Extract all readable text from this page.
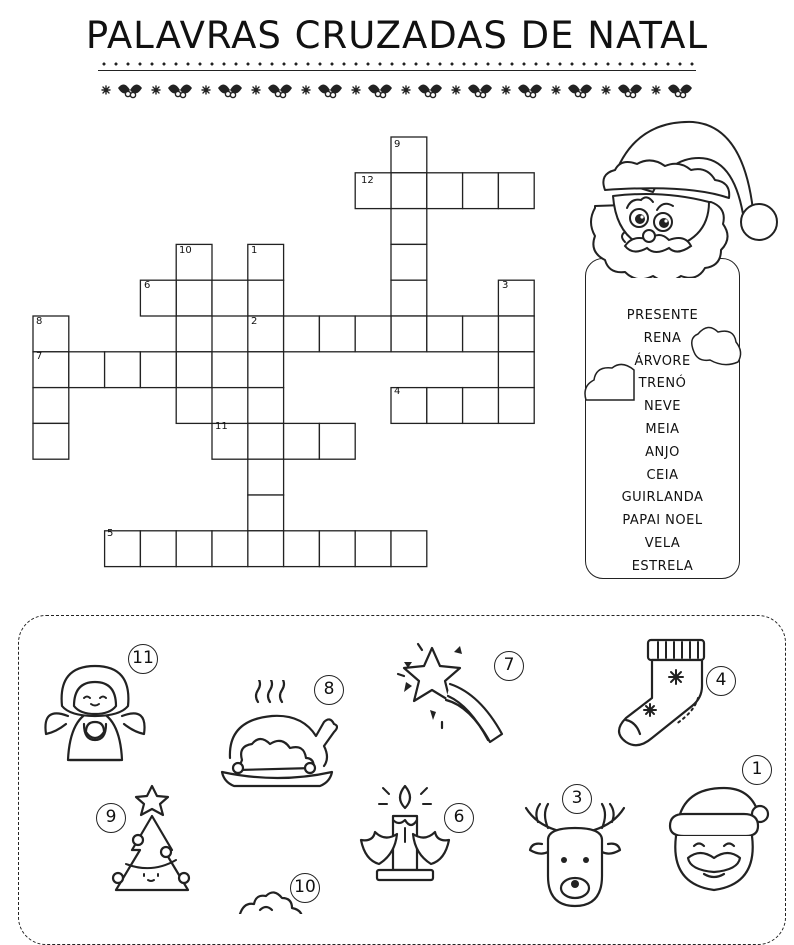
PALAVRAS CRUZADAS DE NATAL
1
2
3
4
5
6
7
8
9
10
11
12
PRESENTE
RENA
ÁRVORE
TRENÓ
NEVE
MEIA
ANJO
CEIA
GUIRLANDA
PAPAI NOEL
VELA
ESTRELA
11
8
7
4
1
9	6
3
10
